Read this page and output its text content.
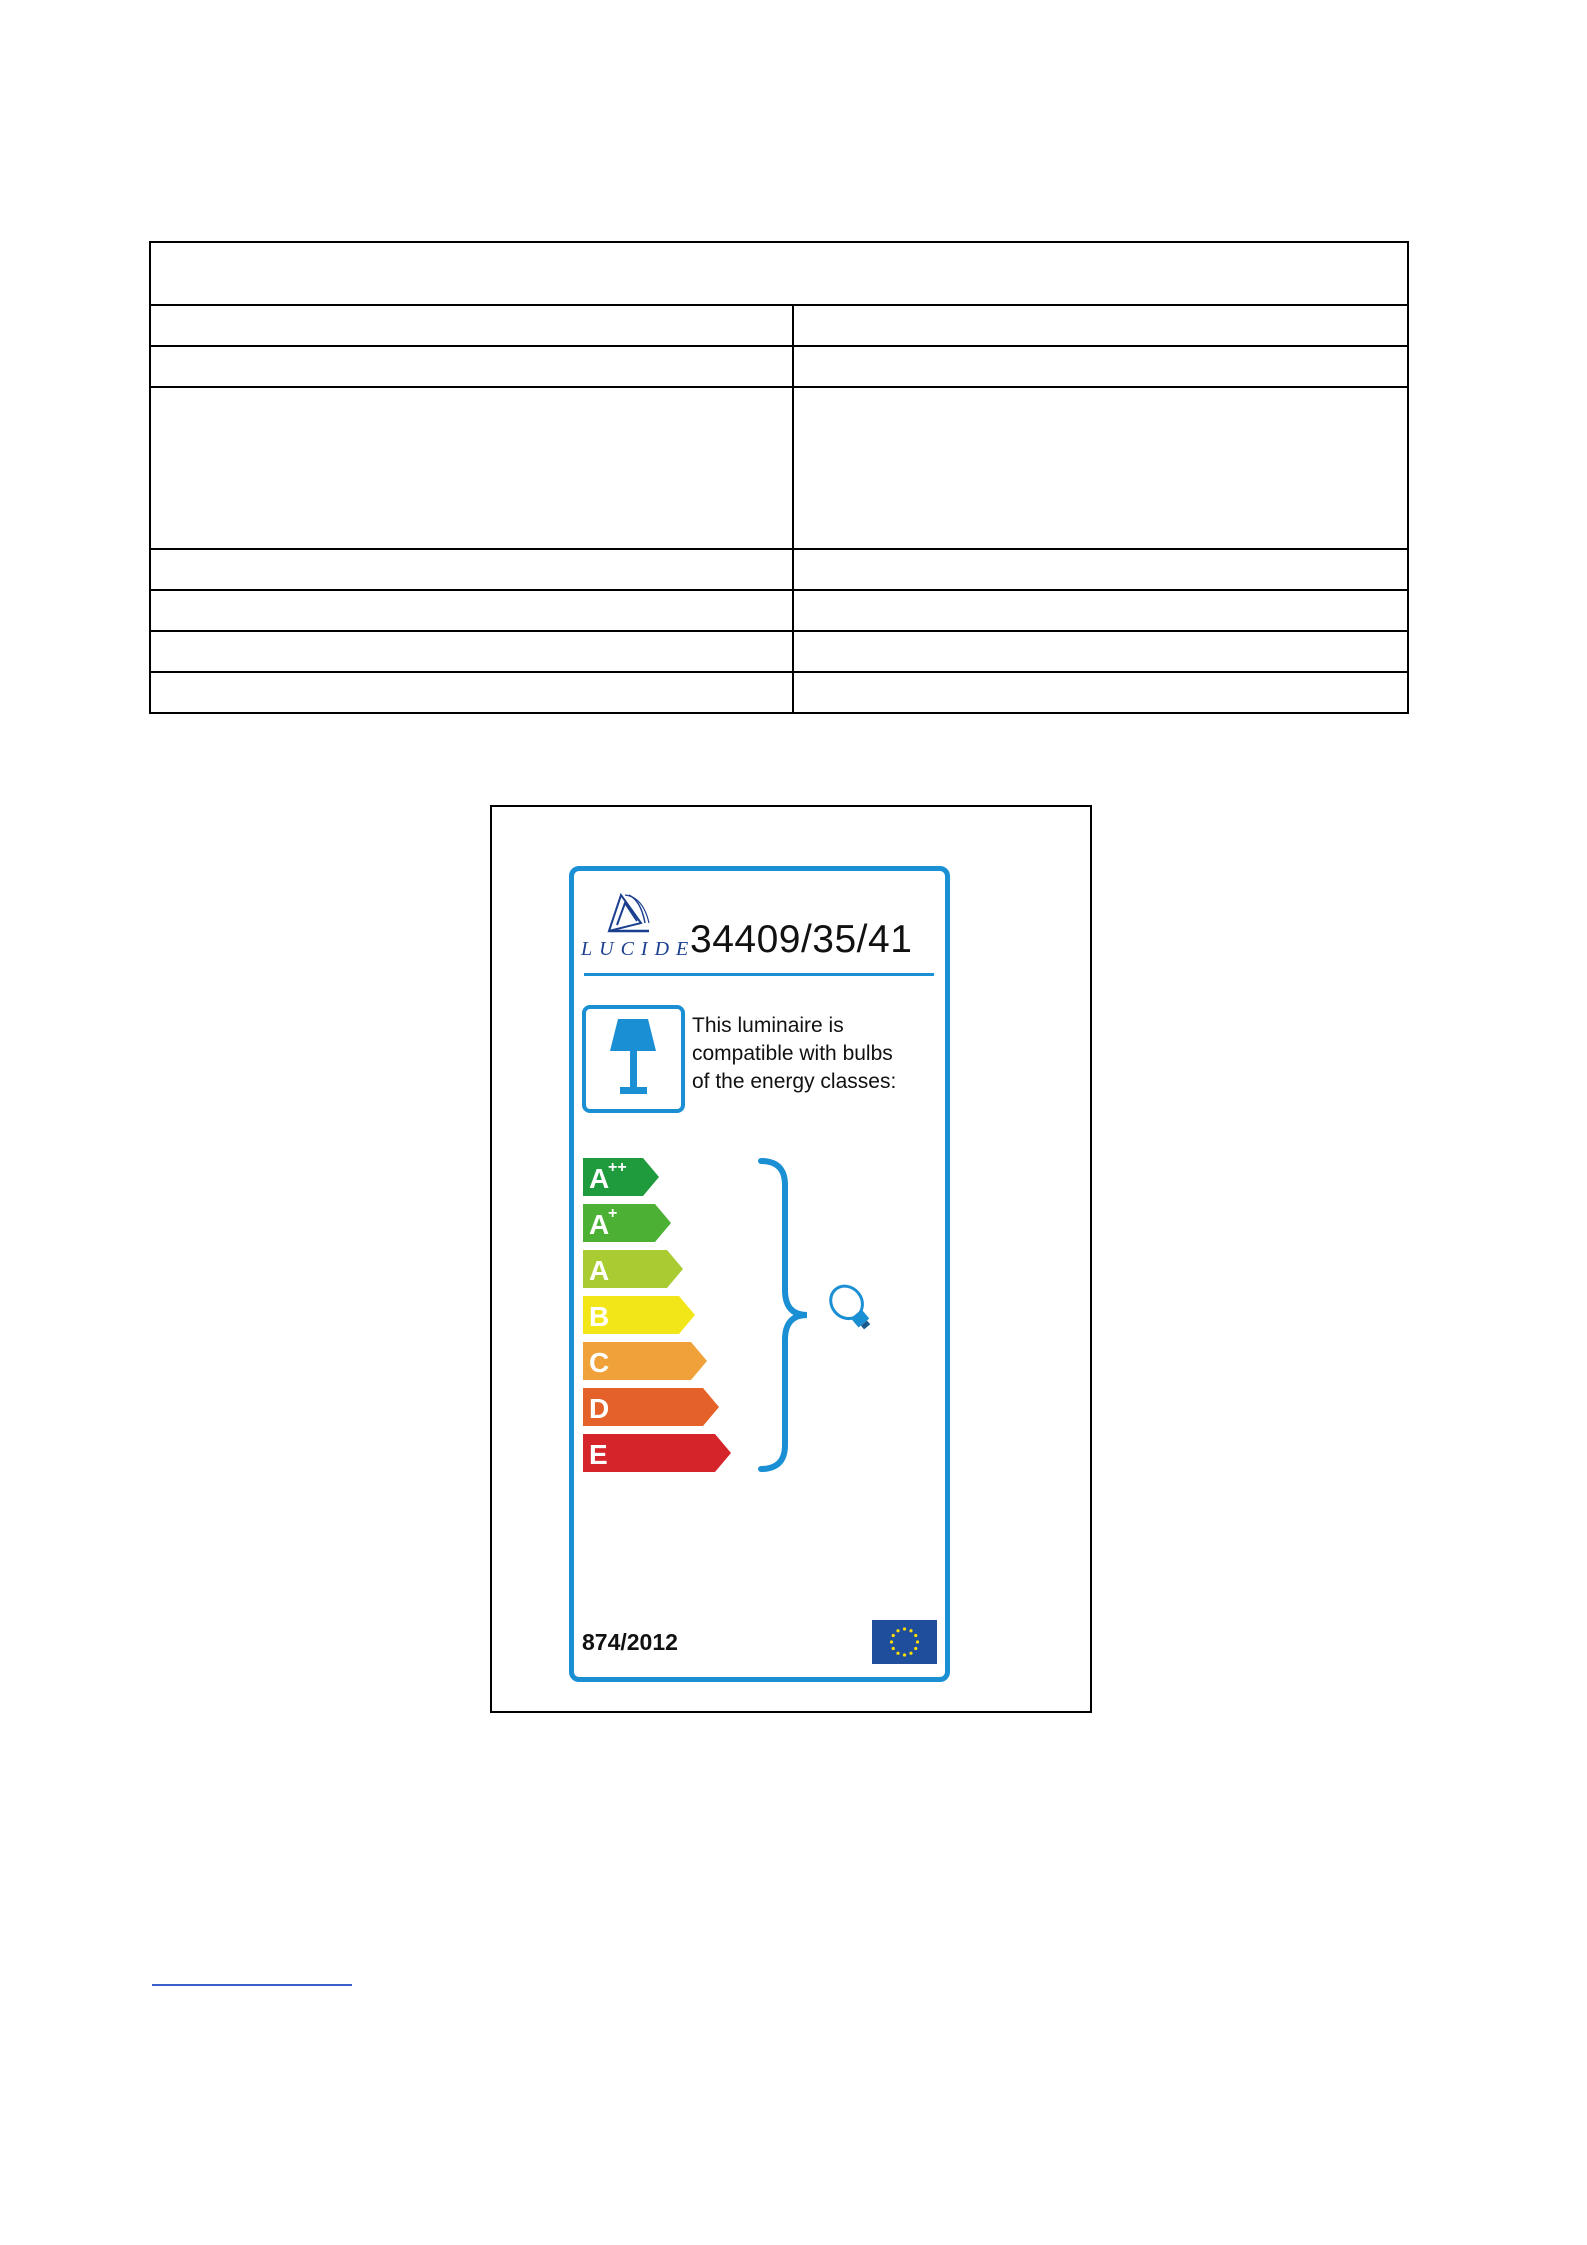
LUCIDE
34409/35/41
This luminaire is
compatible with bulbs
of the energy classes:
A
++
A
+
A
B
C
D
E
874/2012
